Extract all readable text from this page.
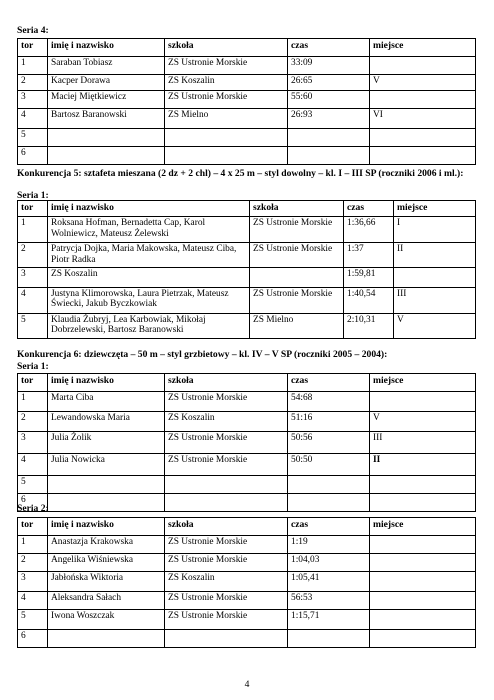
Seria 4:
tor	imię i nazwisko	szkoła	czas	miejsce
1	Saraban Tobiasz	ZS Ustronie Morskie	33:09	
2	Kacper Dorawa	ZS Koszalin	26:65	V
3	Maciej Miętkiewicz	ZS Ustronie Morskie	55:60	
4	Bartosz Baranowski	ZS Mielno	26:93	VI
5				
6				
Konkurencja 5: sztafeta mieszana (2 dz + 2 chl) – 4 x 25 m – styl dowolny – kl. I – III SP (roczniki 2006 i ml.):
Seria 1:
tor	imię i nazwisko	szkoła	czas	miejsce
1	Roksana Hofman, Bernadetta Cap, Karol Wolniewicz, Mateusz Żelewski	ZS Ustronie Morskie	1:36,66	I
2	Patrycja Dojka, Maria Makowska, Mateusz Ciba, Piotr Radka	ZS Ustronie Morskie	1:37	II
3	ZS Koszalin		1:59,81	
4	Justyna Klimorowska, Laura Pietrzak, Mateusz Świecki, Jakub Byczkowiak	ZS Ustronie Morskie	1:40,54	III
5	Klaudia Żubryj, Lea Karbowiak, Mikołaj Dobrzelewski, Bartosz Baranowski	ZS Mielno	2:10,31	V
Konkurencja 6: dziewczęta – 50 m – styl grzbietowy – kl. IV – V SP (roczniki 2005 – 2004):
Seria 1:
tor	imię i nazwisko	szkoła	czas	miejsce
1	Marta Ciba	ZS Ustronie Morskie	54:68	
2	Lewandowska Maria	ZS Koszalin	51:16	V
3	Julia Żolik	ZS Ustronie Morskie	50:56	III
4	Julia Nowicka	ZS Ustronie Morskie	50:50	II
5				
6				
Seria 2:
tor	imię i nazwisko	szkoła	czas	miejsce
1	Anastazja Krakowska	ZS Ustronie Morskie	1:19	
2	Angelika Wiśniewska	ZS Ustronie Morskie	1:04,03	
3	Jabłońska Wiktoria	ZS Koszalin	1:05,41	
4	Aleksandra Sałach	ZS Ustronie Morskie	56:53	
5	Iwona Woszczak	ZS Ustronie Morskie	1:15,71	
6				
4
